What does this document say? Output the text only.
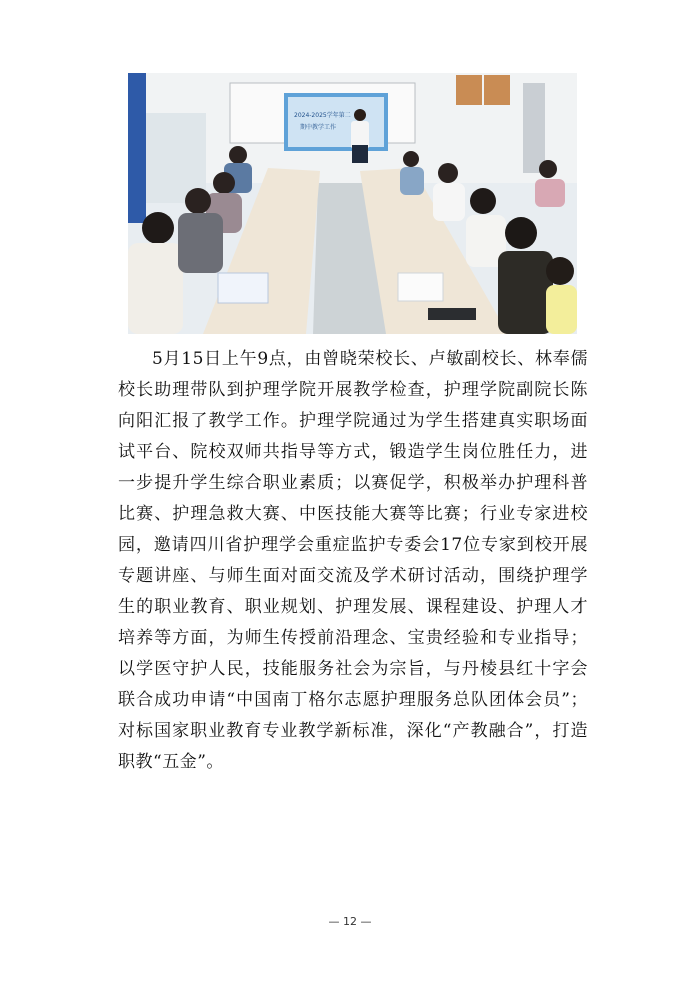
2024-2025学年第二
期中教学工作

5月15日上午9点，由曾晓荣校长、卢敏副校长、林奉儒校长助理带队到护理学院开展教学检查，护理学院副院长陈向阳汇报了教学工作。护理学院通过为学生搭建真实职场面试平台、院校双师共指导等方式，锻造学生岗位胜任力，进一步提升学生综合职业素质；以赛促学，积极举办护理科普比赛、护理急救大赛、中医技能大赛等比赛；行业专家进校园，邀请四川省护理学会重症监护专委会17位专家到校开展专题讲座、与师生面对面交流及学术研讨活动，围绕护理学生的职业教育、职业规划、护理发展、课程建设、护理人才培养等方面，为师生传授前沿理念、宝贵经验和专业指导；以学医守护人民，技能服务社会为宗旨，与丹棱县红十字会联合成功申请“中国南丁格尔志愿护理服务总队团体会员”；对标国家职业教育专业教学新标准，深化“产教融合”，打造职教“五金”。

— 12 —
